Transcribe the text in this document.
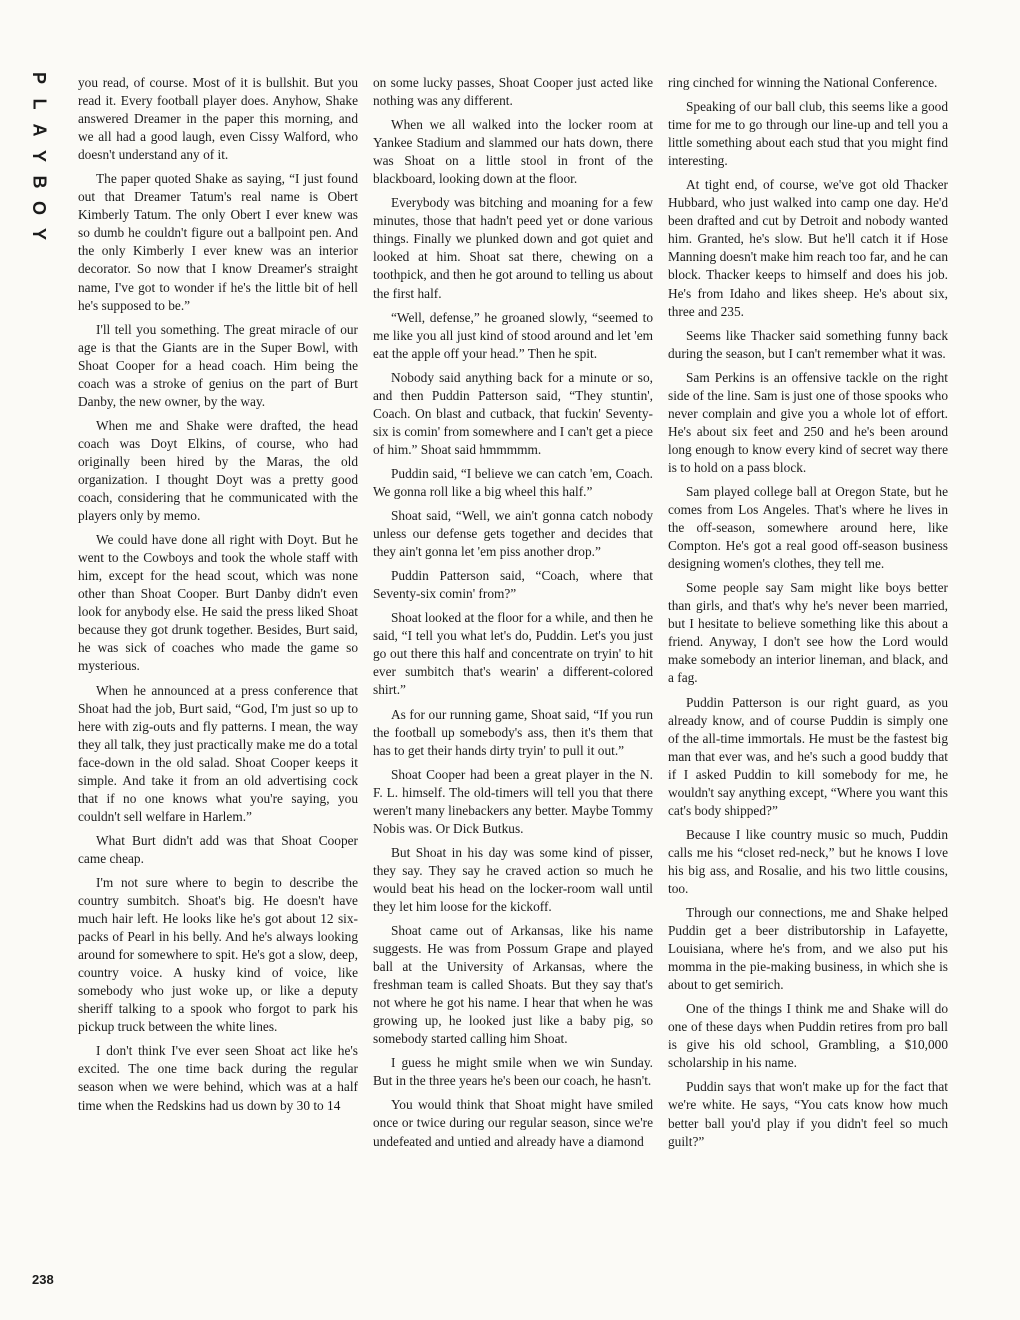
P
L
A
Y
B
O
Y

you read, of course. Most of it is bullshit. But you read it. Every football player does. Anyhow, Shake answered Dreamer in the paper this morning, and we all had a good laugh, even Cissy Walford, who doesn't understand any of it.

The paper quoted Shake as saying, “I just found out that Dreamer Tatum's real name is Obert Kimberly Tatum. The only Obert I ever knew was so dumb he couldn't figure out a ballpoint pen. And the only Kimberly I ever knew was an interior decorator. So now that I know Dreamer's straight name, I've got to wonder if he's the little bit of hell he's supposed to be.”

I'll tell you something. The great miracle of our age is that the Giants are in the Super Bowl, with Shoat Cooper for a head coach. Him being the coach was a stroke of genius on the part of Burt Danby, the new owner, by the way.

When me and Shake were drafted, the head coach was Doyt Elkins, of course, who had originally been hired by the Maras, the old organization. I thought Doyt was a pretty good coach, considering that he communicated with the players only by memo.

We could have done all right with Doyt. But he went to the Cowboys and took the whole staff with him, except for the head scout, which was none other than Shoat Cooper. Burt Danby didn't even look for anybody else. He said the press liked Shoat because they got drunk together. Besides, Burt said, he was sick of coaches who made the game so mysterious.

When he announced at a press conference that Shoat had the job, Burt said, “God, I'm just so up to here with zig-outs and fly patterns. I mean, the way they all talk, they just practically make me do a total face-down in the old salad. Shoat Cooper keeps it simple. And take it from an old advertising cock that if no one knows what you're saying, you couldn't sell welfare in Harlem.”

What Burt didn't add was that Shoat Cooper came cheap.

I'm not sure where to begin to describe the country sumbitch. Shoat's big. He doesn't have much hair left. He looks like he's got about 12 six-packs of Pearl in his belly. And he's always looking around for somewhere to spit. He's got a slow, deep, country voice. A husky kind of voice, like somebody who just woke up, or like a deputy sheriff talking to a spook who forgot to park his pickup truck between the white lines.

I don't think I've ever seen Shoat act like he's excited. The one time back during the regular season when we were behind, which was at a half time when the Redskins had us down by 30 to 14

on some lucky passes, Shoat Cooper just acted like nothing was any different.

When we all walked into the locker room at Yankee Stadium and slammed our hats down, there was Shoat on a little stool in front of the blackboard, looking down at the floor.

Everybody was bitching and moaning for a few minutes, those that hadn't peed yet or done various things. Finally we plunked down and got quiet and looked at him. Shoat sat there, chewing on a toothpick, and then he got around to telling us about the first half.

“Well, defense,” he groaned slowly, “seemed to me like you all just kind of stood around and let 'em eat the apple off your head.” Then he spit.

Nobody said anything back for a minute or so, and then Puddin Patterson said, “They stuntin', Coach. On blast and cutback, that fuckin' Seventy-six is comin' from somewhere and I can't get a piece of him.” Shoat said hmmmmm.

Puddin said, “I believe we can catch 'em, Coach. We gonna roll like a big wheel this half.”

Shoat said, “Well, we ain't gonna catch nobody unless our defense gets together and decides that they ain't gonna let 'em piss another drop.”

Puddin Patterson said, “Coach, where that Seventy-six comin' from?”

Shoat looked at the floor for a while, and then he said, “I tell you what let's do, Puddin. Let's you just go out there this half and concentrate on tryin' to hit ever sumbitch that's wearin' a different-colored shirt.”

As for our running game, Shoat said, “If you run the football up somebody's ass, then it's them that has to get their hands dirty tryin' to pull it out.”

Shoat Cooper had been a great player in the N. F. L. himself. The old-timers will tell you that there weren't many linebackers any better. Maybe Tommy Nobis was. Or Dick Butkus.

But Shoat in his day was some kind of pisser, they say. They say he craved action so much he would beat his head on the locker-room wall until they let him loose for the kickoff.

Shoat came out of Arkansas, like his name suggests. He was from Possum Grape and played ball at the University of Arkansas, where the freshman team is called Shoats. But they say that's not where he got his name. I hear that when he was growing up, he looked just like a baby pig, so somebody started calling him Shoat.

I guess he might smile when we win Sunday. But in the three years he's been our coach, he hasn't.

You would think that Shoat might have smiled once or twice during our regular season, since we're undefeated and untied and already have a diamond

ring cinched for winning the National Conference.

Speaking of our ball club, this seems like a good time for me to go through our line-up and tell you a little something about each stud that you might find interesting.

At tight end, of course, we've got old Thacker Hubbard, who just walked into camp one day. He'd been drafted and cut by Detroit and nobody wanted him. Granted, he's slow. But he'll catch it if Hose Manning doesn't make him reach too far, and he can block. Thacker keeps to himself and does his job. He's from Idaho and likes sheep. He's about six, three and 235.

Seems like Thacker said something funny back during the season, but I can't remember what it was.

Sam Perkins is an offensive tackle on the right side of the line. Sam is just one of those spooks who never complain and give you a whole lot of effort. He's about six feet and 250 and he's been around long enough to know every kind of secret way there is to hold on a pass block.

Sam played college ball at Oregon State, but he comes from Los Angeles. That's where he lives in the off-season, somewhere around here, like Compton. He's got a real good off-season business designing women's clothes, they tell me.

Some people say Sam might like boys better than girls, and that's why he's never been married, but I hesitate to believe something like this about a friend. Anyway, I don't see how the Lord would make somebody an interior lineman, and black, and a fag.

Puddin Patterson is our right guard, as you already know, and of course Puddin is simply one of the all-time immortals. He must be the fastest big man that ever was, and he's such a good buddy that if I asked Puddin to kill somebody for me, he wouldn't say anything except, “Where you want this cat's body shipped?”

Because I like country music so much, Puddin calls me his “closet red-neck,” but he knows I love his big ass, and Rosalie, and his two little cousins, too.

Through our connections, me and Shake helped Puddin get a beer distributorship in Lafayette, Louisiana, where he's from, and we also put his momma in the pie-making business, in which she is about to get semirich.

One of the things I think me and Shake will do one of these days when Puddin retires from pro ball is give his old school, Grambling, a $10,000 scholarship in his name.

Puddin says that won't make up for the fact that we're white. He says, “You cats know how much better ball you'd play if you didn't feel so much guilt?”

238
